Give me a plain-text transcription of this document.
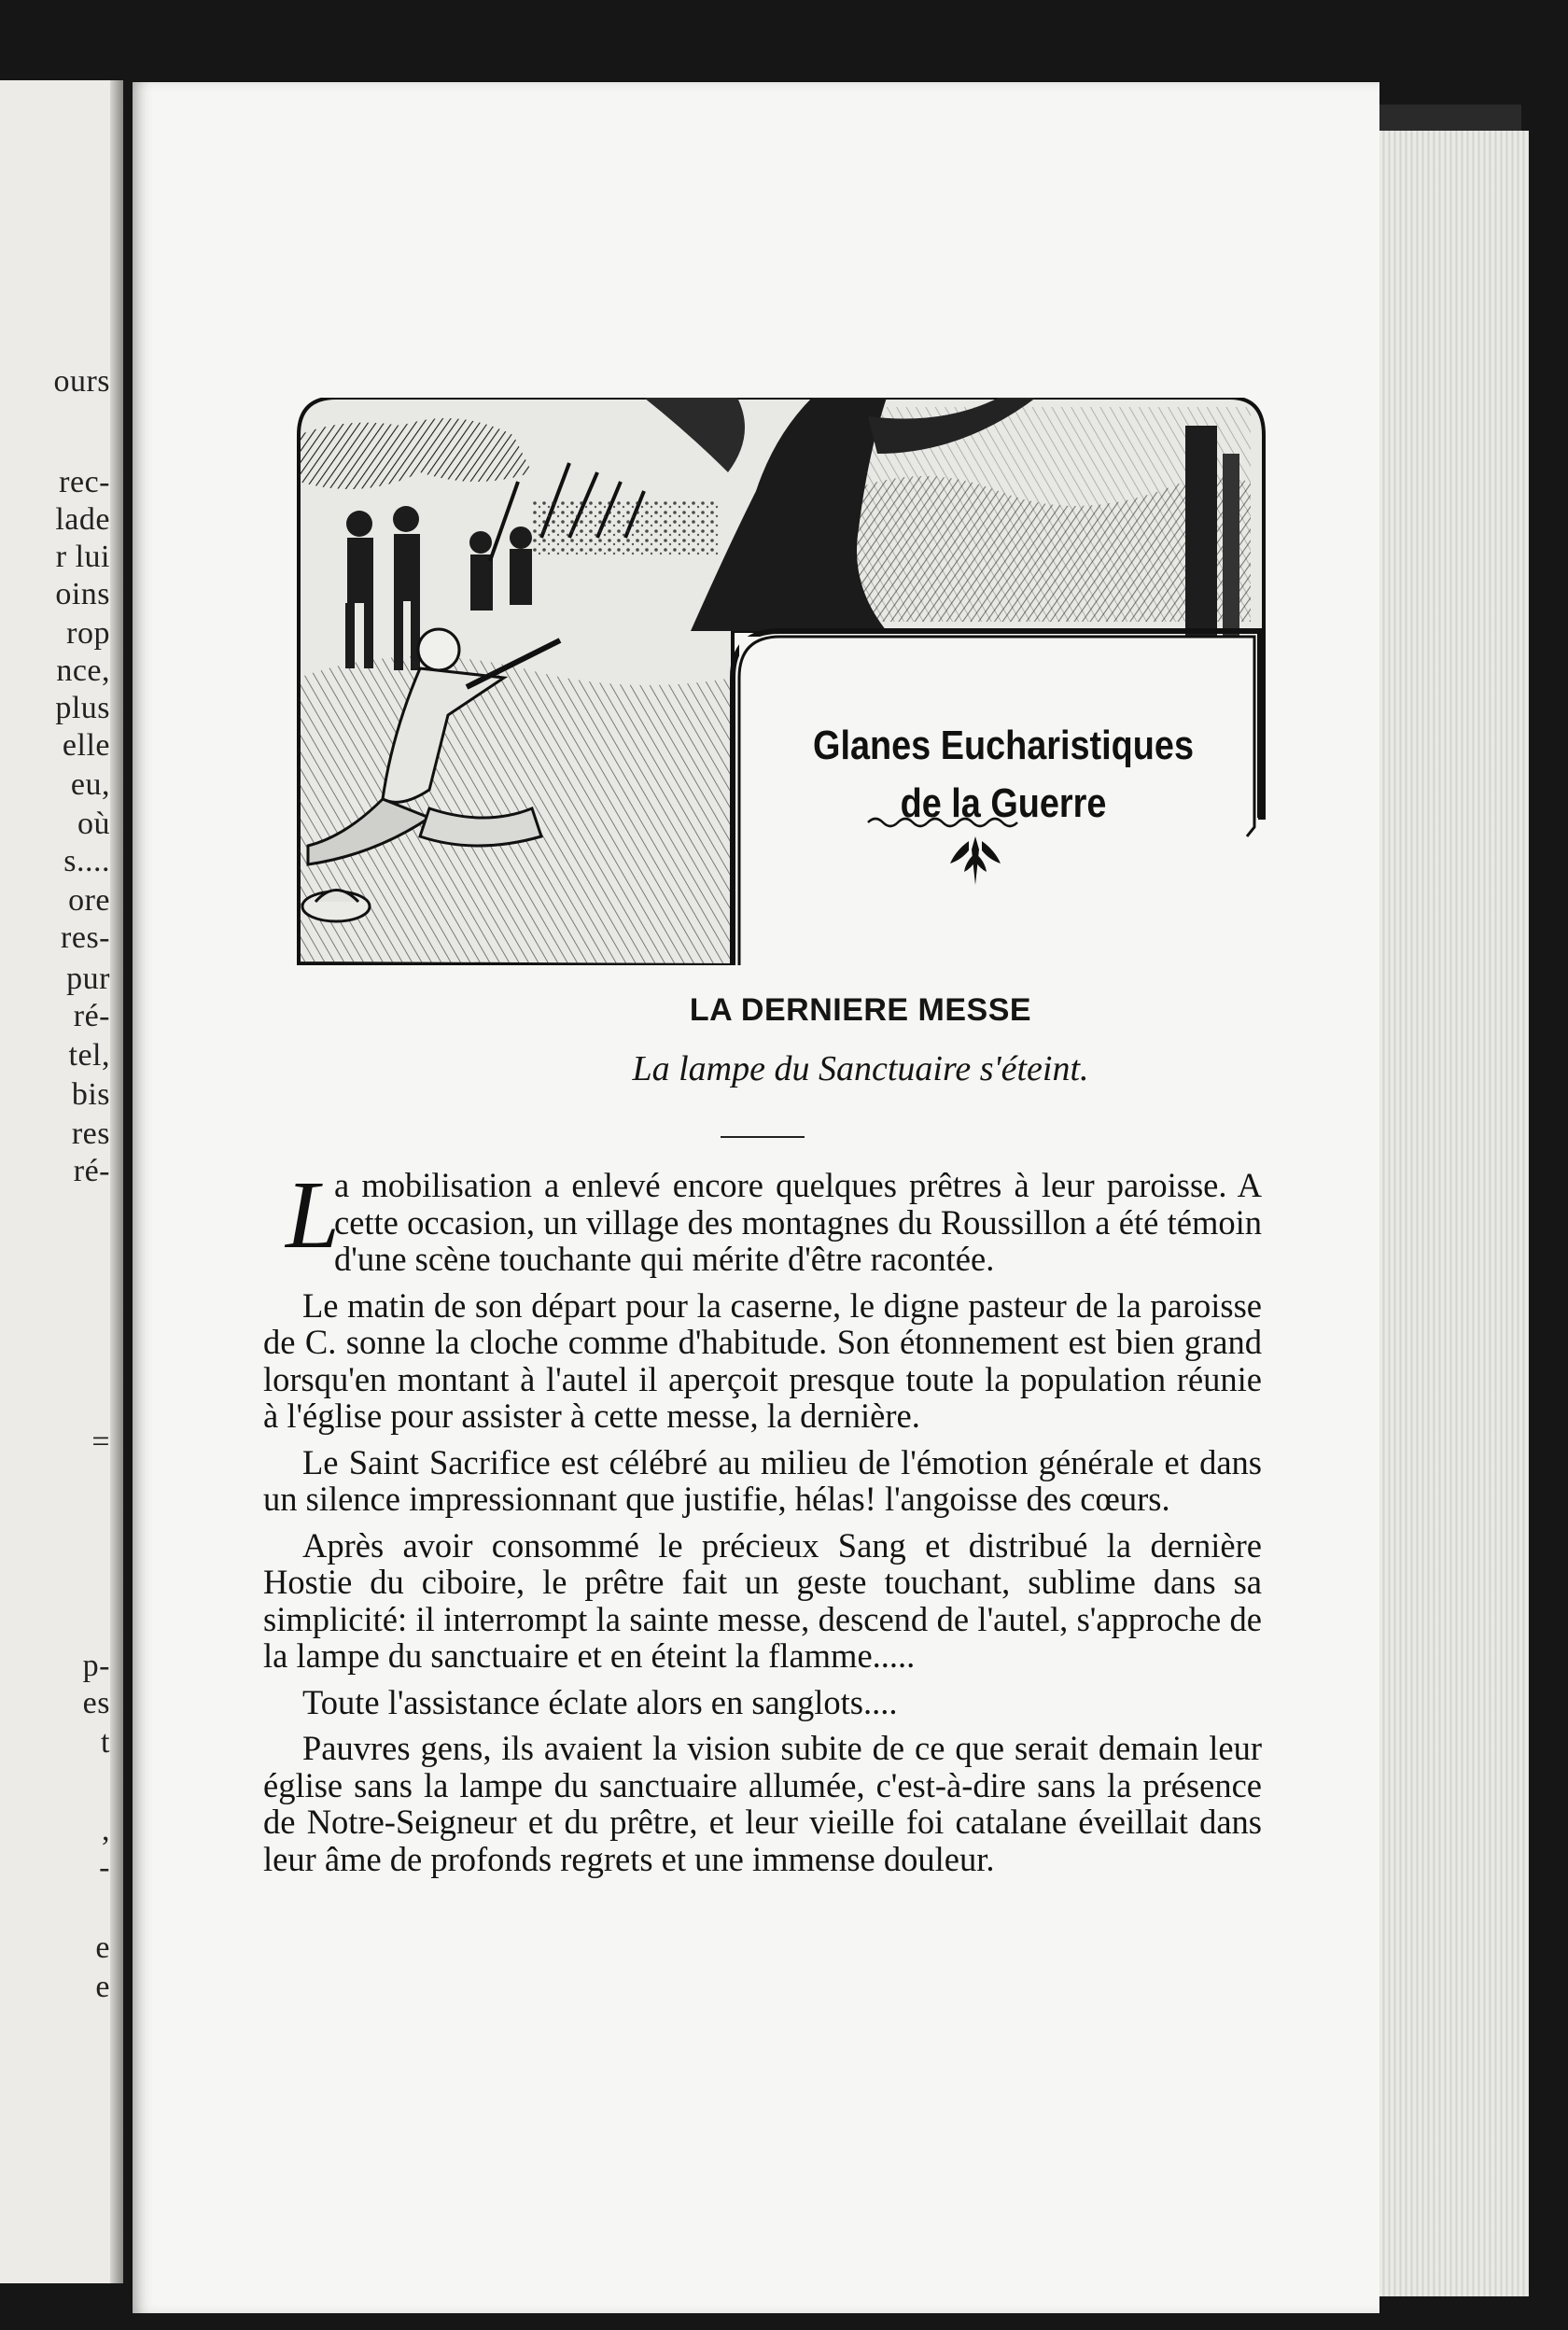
ours
rec-
lade
r lui
oins
rop
nce,
plus
elle
eu,
où
s....
ore
res-
pur
ré-
tel,
bis
res
ré-
=
p-
es
t
,
-
e
e
Glanes Eucharistiques
de la Guerre
LA DERNIERE MESSE
La lampe du Sanctuaire s'éteint.

L
a mobilisation a enlevé encore quelques prêtres à leur paroisse. A cette occasion, un village des montagnes du Roussillon a été témoin d'une scène touchante qui mérite d'être racontée.

Le matin de son départ pour la caserne, le digne pasteur de la paroisse de C. sonne la cloche comme d'habitude. Son étonnement est bien grand lorsqu'en montant à l'autel il aperçoit presque toute la population réunie à l'église pour assister à cette messe, la dernière.

Le Saint Sacrifice est célébré au milieu de l'émotion générale et dans un silence impressionnant que justifie, hélas! l'angoisse des cœurs.

Après avoir consommé le précieux Sang et distribué la dernière Hostie du ciboire, le prêtre fait un geste touchant, sublime dans sa simplicité: il interrompt la sainte messe, descend de l'autel, s'approche de la lampe du sanctuaire et en éteint la flamme.....

Toute l'assistance éclate alors en sanglots....

Pauvres gens, ils avaient la vision subite de ce que serait demain leur église sans la lampe du sanctuaire allumée, c'est-à-dire sans la présence de Notre-Seigneur et du prêtre, et leur vieille foi catalane éveillait dans leur âme de profonds regrets et une immense douleur.
